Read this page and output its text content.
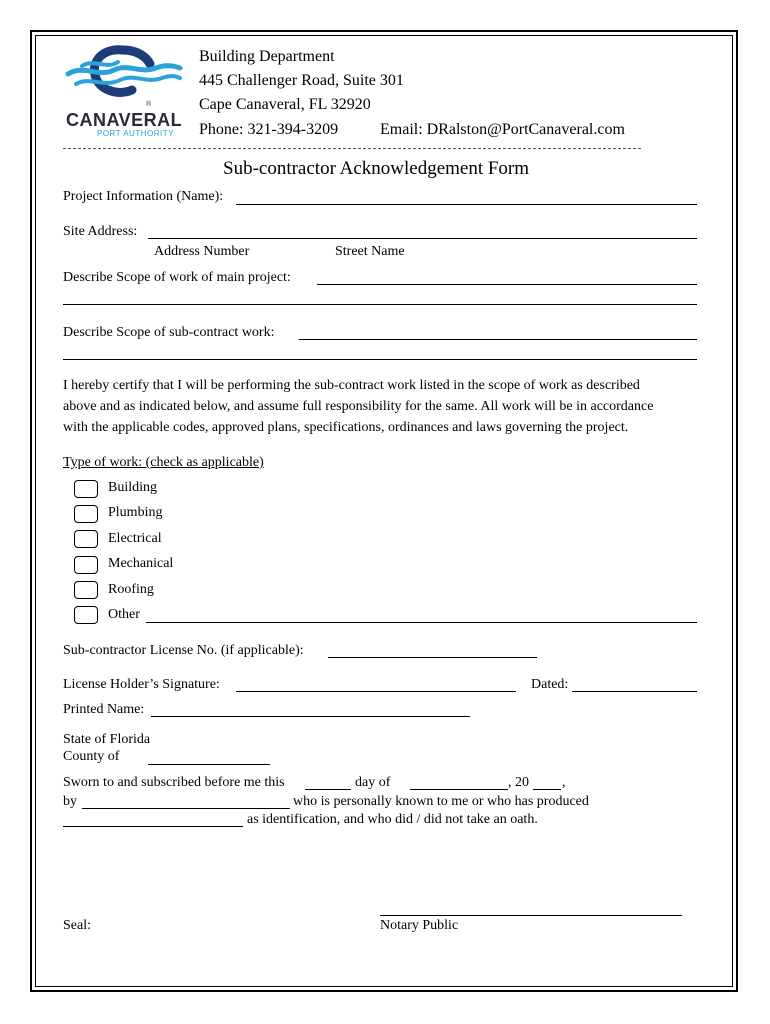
®
CANAVERAL
PORT AUTHORITY
Building Department
445 Challenger Road, Suite 301
Cape Canaveral, FL 32920
Phone: 321-394-3209	Email: DRalston@PortCanaveral.com
Sub-contractor Acknowledgement Form
Project Information (Name):
Site Address:
Address Number	Street Name
Describe Scope of work of main project:
Describe Scope of sub-contract work:
I hereby certify that I will be performing the sub-contract work listed in the scope of work as described
above and as indicated below, and assume full responsibility for the same. All work will be in accordance
with the applicable codes, approved plans, specifications, ordinances and laws governing the project.
Type of work: (check as applicable)
Building
Plumbing
Electrical
Mechanical
Roofing
Other
Sub-contractor License No. (if applicable):
License Holder’s Signature:	Dated:
Printed Name:
State of Florida
County of
Sworn to and subscribed before me this	day of	, 20 ,
by	who is personally known to me or who has produced
as identification, and who did / did not take an oath.
Seal:	Notary Public
